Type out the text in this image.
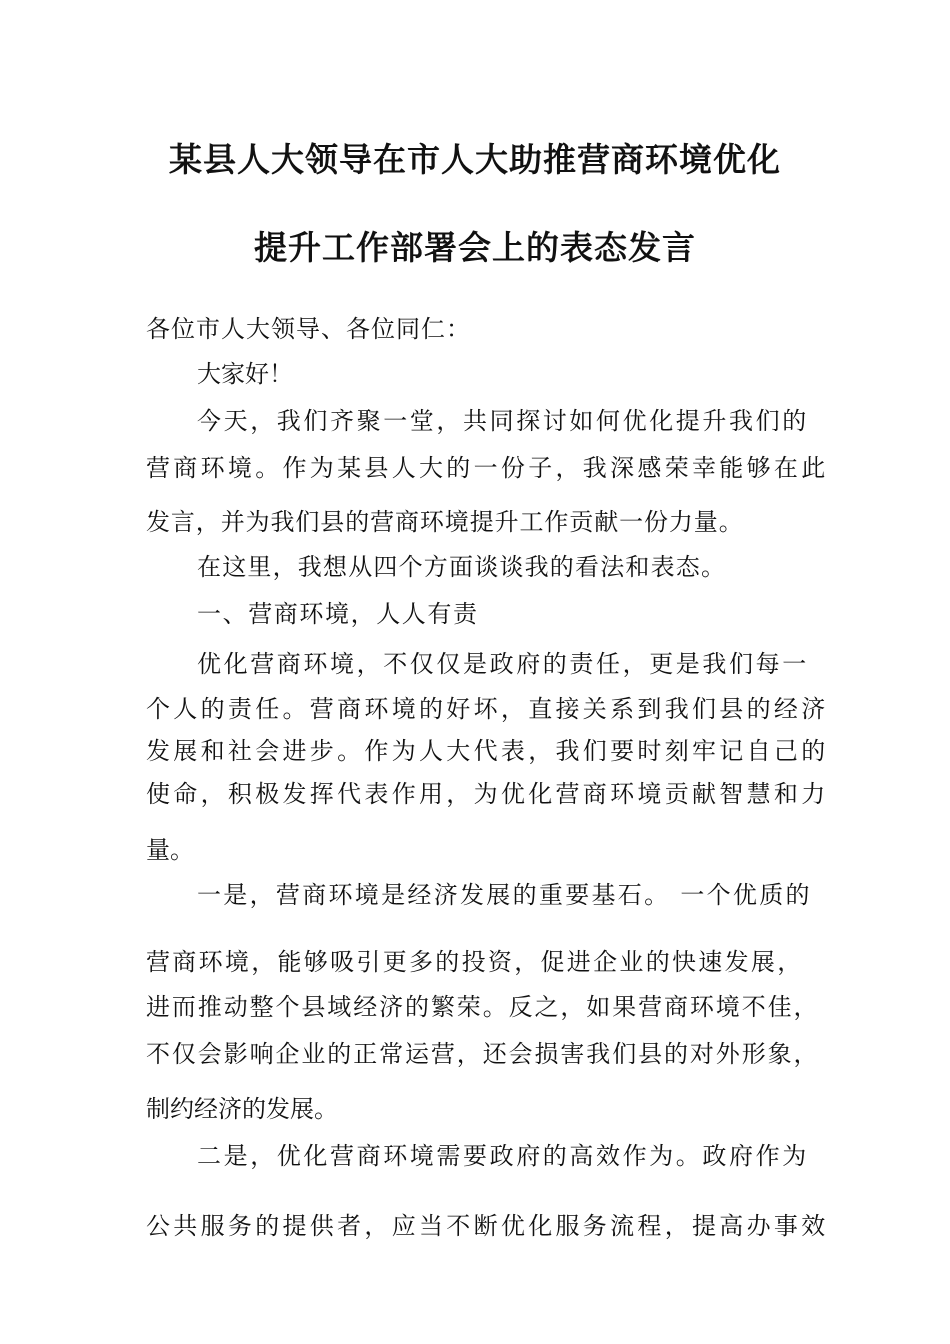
某县人大领导在市人大助推营商环境优化
提升工作部署会上的表态发言
各位市人大领导、各位同仁：
大家好！
今天，我们齐聚一堂，共同探讨如何优化提升我们的
营商环境。作为某县人大的一份子，我深感荣幸能够在此
发言，并为我们县的营商环境提升工作贡献一份力量。
在这里，我想从四个方面谈谈我的看法和表态。
一、营商环境，人人有责
优化营商环境，不仅仅是政府的责任，更是我们每一
个人的责任。营商环境的好坏，直接关系到我们县的经济
发展和社会进步。作为人大代表，我们要时刻牢记自己的
使命，积极发挥代表作用，为优化营商环境贡献智慧和力
量。
一是，营商环境是经济发展的重要基石。 一个优质的
营商环境，能够吸引更多的投资，促进企业的快速发展，
进而推动整个县域经济的繁荣。反之，如果营商环境不佳，
不仅会影响企业的正常运营，还会损害我们县的对外形象，
制约经济的发展。
二是，优化营商环境需要政府的高效作为。政府作为
公共服务的提供者，应当不断优化服务流程，提高办事效
